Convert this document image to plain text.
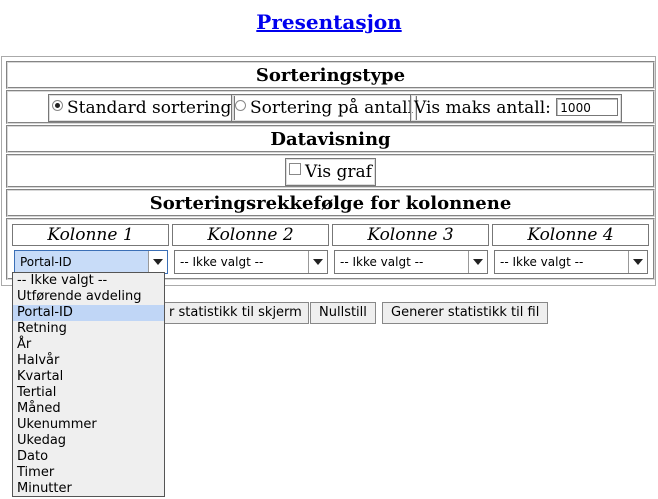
Presentasjon
Sorteringstype
Standard sortering	Sortering på antall Vis maks antall: 1000
Datavisning
Vis graf
Sorteringsrekkefølge for kolonnene
Kolonne 1	Kolonne 2	Kolonne 3	Kolonne 4
Portal-ID	-- Ikke valgt --	-- Ikke valgt --	-- Ikke valgt --
r statistikk til skjerm	Nullstill	Generer statistikk til fil
-- Ikke valgt --
Utførende avdeling
Portal-ID
Retning
År
Halvår
Kvartal
Tertial
Måned
Ukenummer
Ukedag
Dato
Timer
Minutter
